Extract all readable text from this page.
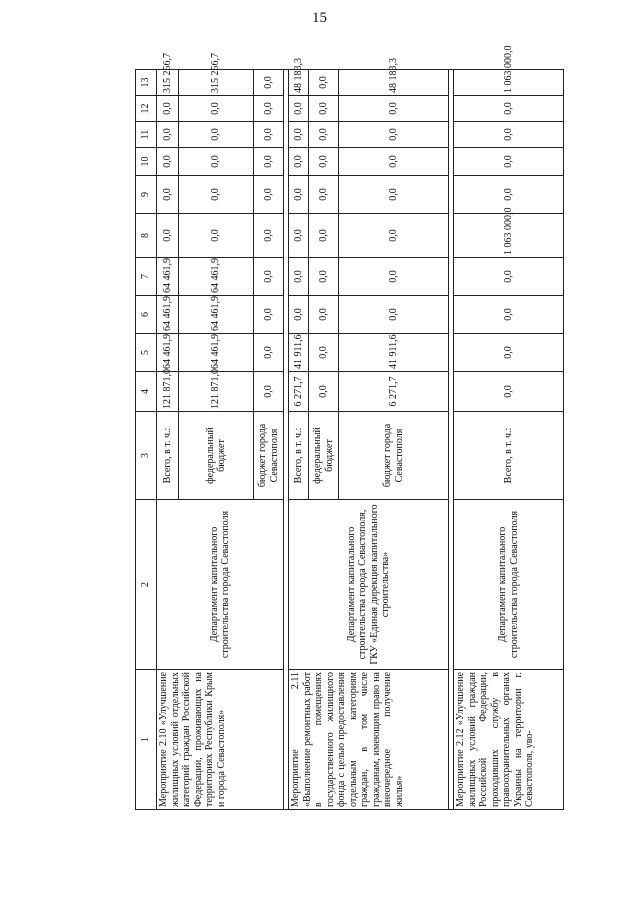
15
1	2	3	4	5	6	7	8	9	10	11	12	13
Мероприятие 2.10 «Улучшение жилищных условий отдельных категорий граждан Российской Федерации, проживающих на территориях Республики Крым и города Севастополя»	Департамент капитального строительства города Севастополя	Всего, в т. ч.:	121 871,0	64 461,9	64 461,9	64 461,9	0,0	0,0	0,0	0,0	0,0	315 256,7
		федеральный бюджет	121 871,0	64 461,9	64 461,9	64 461,9	0,0	0,0	0,0	0,0	0,0	315 256,7
		бюджет города Севастополя	0,0	0,0	0,0	0,0	0,0	0,0	0,0	0,0	0,0	0,0

Мероприятие 2.11 «Выполнение ремонтных работ в помещениях государственного жилищного фонда с целью предоставления отдельным категориям граждан, в том числе гражданам, имеющим право на внеочередное получение жилья»	Департамент капитального строительства города Севастополя, ГКУ «Единая дирекция капитального строительства»	Всего, в т. ч.:	6 271,7	41 911,6	0,0	0,0	0,0	0,0	0,0	0,0	0,0	48 183,3
		федеральный бюджет	0,0	0,0	0,0	0,0	0,0	0,0	0,0	0,0	0,0	0,0
		бюджет города Севастополя	6 271,7	41 911,6	0,0	0,0	0,0	0,0	0,0	0,0	0,0	48 183,3

Мероприятие 2.12 «Улучшение жилищных условий граждан Российской Федерации, проходивших службу в правоохранительных органах Украины на территории г. Севастополя, уво-	Департамент капитального строительства города Севастополя	Всего, в т. ч.:	0,0	0,0	0,0	0,0	1 063 000,0	0,0	0,0	0,0	0,0	1 063 000,0
